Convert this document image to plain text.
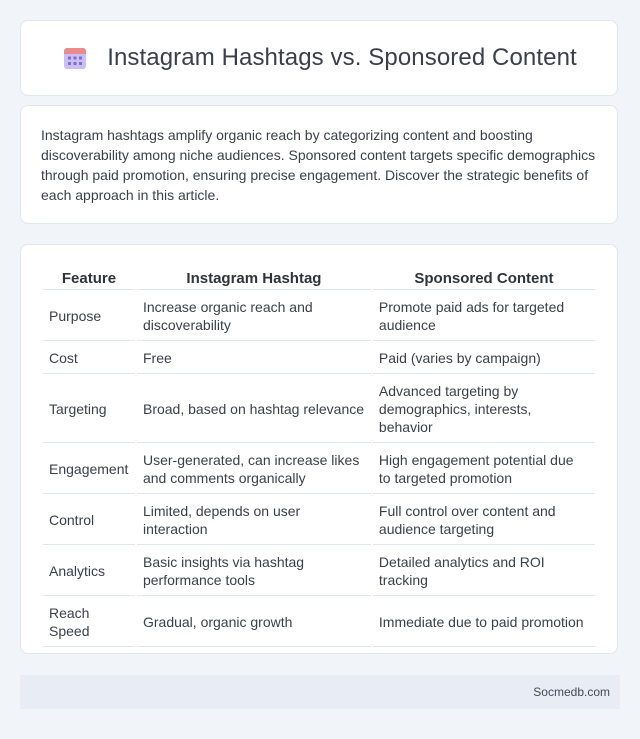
Instagram Hashtags vs. Sponsored Content

Instagram hashtags amplify organic reach by categorizing content and boosting discoverability among niche audiences. Sponsored content targets specific demographics through paid promotion, ensuring precise engagement. Discover the strategic benefits of each approach in this article.

Feature	Instagram Hashtag	Sponsored Content
Purpose	Increase organic reach and discoverability	Promote paid ads for targeted audience
Cost	Free	Paid (varies by campaign)
Targeting	Broad, based on hashtag relevance	Advanced targeting by demographics, interests, behavior
Engagement	User-generated, can increase likes and comments organically	High engagement potential due to targeted promotion
Control	Limited, depends on user interaction	Full control over content and audience targeting
Analytics	Basic insights via hashtag performance tools	Detailed analytics and ROI tracking
Reach Speed	Gradual, organic growth	Immediate due to paid promotion
Socmedb.com
